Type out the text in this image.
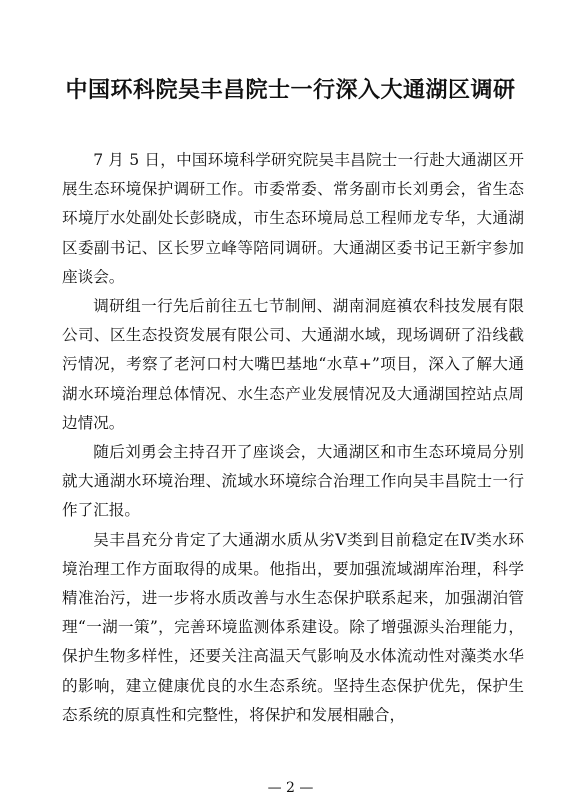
中国环科院吴丰昌院士一行深入大通湖区调研

7 月 5 日，中国环境科学研究院吴丰昌院士一行赴大通湖区开展生态环境保护调研工作。市委常委、常务副市长刘勇会，省生态环境厅水处副处长彭晓成，市生态环境局总工程师龙专华，大通湖区委副书记、区长罗立峰等陪同调研。大通湖区委书记王新宇参加座谈会。

调研组一行先后前往五七节制闸、湖南洞庭禛农科技发展有限公司、区生态投资发展有限公司、大通湖水域，现场调研了沿线截污情况，考察了老河口村大嘴巴基地“水草+”项目，深入了解大通湖水环境治理总体情况、水生态产业发展情况及大通湖国控站点周边情况。

随后刘勇会主持召开了座谈会，大通湖区和市生态环境局分别就大通湖水环境治理、流域水环境综合治理工作向吴丰昌院士一行作了汇报。

吴丰昌充分肯定了大通湖水质从劣Ⅴ类到目前稳定在Ⅳ类水环境治理工作方面取得的成果。他指出，要加强流域湖库治理，科学精准治污，进一步将水质改善与水生态保护联系起来，加强湖泊管理“一湖一策”，完善环境监测体系建设。除了增强源头治理能力，保护生物多样性，还要关注高温天气影响及水体流动性对藻类水华的影响，建立健康优良的水生态系统。坚持生态保护优先，保护生态系统的原真性和完整性，将保护和发展相融合，

— 2 —
